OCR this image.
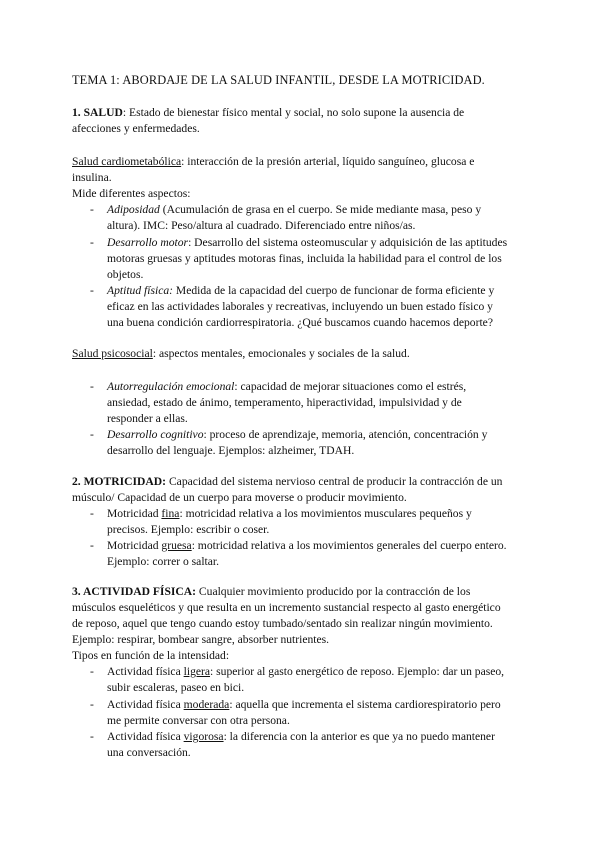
TEMA 1: ABORDAJE DE LA SALUD INFANTIL, DESDE LA MOTRICIDAD.
1. SALUD: Estado de bienestar físico mental y social, no solo supone la ausencia de
afecciones y enfermedades.
Salud cardiometabólica: interacción de la presión arterial, líquido sanguíneo, glucosa e
insulina.
Mide diferentes aspectos:
- Adiposidad (Acumulación de grasa en el cuerpo. Se mide mediante masa, peso y
altura). IMC: Peso/altura al cuadrado. Diferenciado entre niños/as.
- Desarrollo motor: Desarrollo del sistema osteomuscular y adquisición de las aptitudes
motoras gruesas y aptitudes motoras finas, incluida la habilidad para el control de los
objetos.
- Aptitud física: Medida de la capacidad del cuerpo de funcionar de forma eficiente y
eficaz en las actividades laborales y recreativas, incluyendo un buen estado físico y
una buena condición cardiorrespiratoria. ¿Qué buscamos cuando hacemos deporte?
Salud psicosocial: aspectos mentales, emocionales y sociales de la salud.
- Autorregulación emocional: capacidad de mejorar situaciones como el estrés,
ansiedad, estado de ánimo, temperamento, hiperactividad, impulsividad y de
responder a ellas.
- Desarrollo cognitivo: proceso de aprendizaje, memoria, atención, concentración y
desarrollo del lenguaje. Ejemplos: alzheimer, TDAH.
2. MOTRICIDAD: Capacidad del sistema nervioso central de producir la contracción de un
músculo/ Capacidad de un cuerpo para moverse o producir movimiento.
- Motricidad fina: motricidad relativa a los movimientos musculares pequeños y
precisos. Ejemplo: escribir o coser.
- Motricidad gruesa: motricidad relativa a los movimientos generales del cuerpo entero.
Ejemplo: correr o saltar.
3. ACTIVIDAD FÍSICA: Cualquier movimiento producido por la contracción de los
músculos esqueléticos y que resulta en un incremento sustancial respecto al gasto energético
de reposo, aquel que tengo cuando estoy tumbado/sentado sin realizar ningún movimiento.
Ejemplo: respirar, bombear sangre, absorber nutrientes.
Tipos en función de la intensidad:
- Actividad física ligera: superior al gasto energético de reposo. Ejemplo: dar un paseo,
subir escaleras, paseo en bici.
- Actividad física moderada: aquella que incrementa el sistema cardiorespiratorio pero
me permite conversar con otra persona.
- Actividad física vigorosa: la diferencia con la anterior es que ya no puedo mantener
una conversación.
